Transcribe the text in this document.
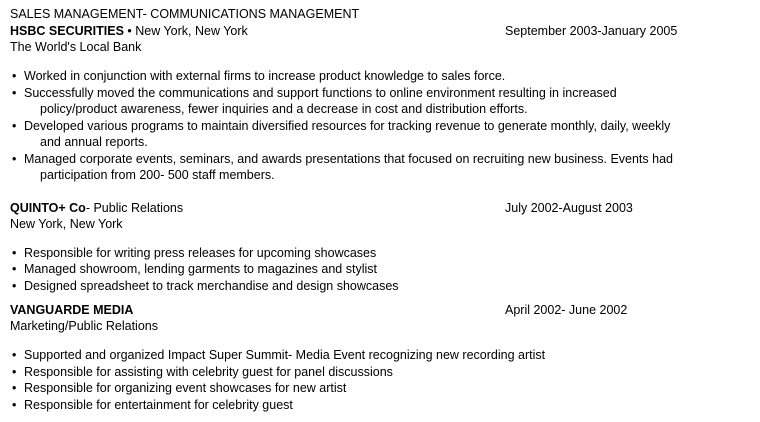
SALES MANAGEMENT- COMMUNICATIONS MANAGEMENT
HSBC SECURITIES • New York, New York	September 2003-January 2005
The World's Local Bank
• Worked in conjunction with external firms to increase product knowledge to sales force.
• Successfully moved the communications and support functions to online environment resulting in increased
policy/product awareness, fewer inquiries and a decrease in cost and distribution efforts.
• Developed various programs to maintain diversified resources for tracking revenue to generate monthly, daily, weekly
and annual reports.
• Managed corporate events, seminars, and awards presentations that focused on recruiting new business. Events had
participation from 200- 500 staff members.
QUINTO+ Co- Public Relations	July 2002-August 2003
New York, New York
• Responsible for writing press releases for upcoming showcases
• Managed showroom, lending garments to magazines and stylist
• Designed spreadsheet to track merchandise and design showcases
VANGUARDE MEDIA	April 2002- June 2002
Marketing/Public Relations
• Supported and organized Impact Super Summit- Media Event recognizing new recording artist
• Responsible for assisting with celebrity guest for panel discussions
• Responsible for organizing event showcases for new artist
• Responsible for entertainment for celebrity guest
